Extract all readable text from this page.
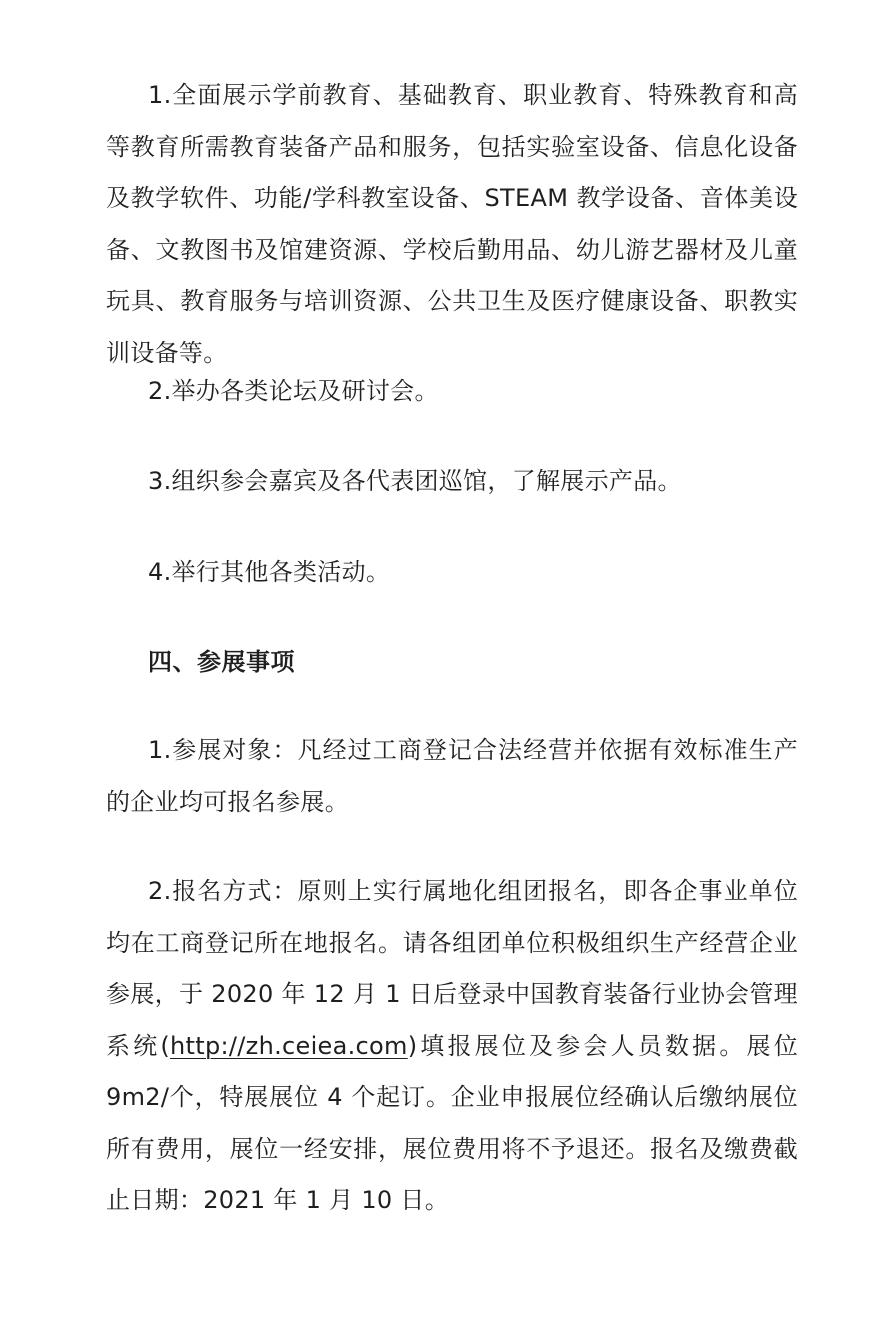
1.全面展示学前教育、基础教育、职业教育、特殊教育和高等教育所需教育装备产品和服务，包括实验室设备、信息化设备及教学软件、功能/学科教室设备、STEAM 教学设备、音体美设备、文教图书及馆建资源、学校后勤用品、幼儿游艺器材及儿童玩具、教育服务与培训资源、公共卫生及医疗健康设备、职教实训设备等。

2.举办各类论坛及研讨会。

3.组织参会嘉宾及各代表团巡馆，了解展示产品。

4.举行其他各类活动。

四、参展事项

1.参展对象：凡经过工商登记合法经营并依据有效标准生产的企业均可报名参展。

2.报名方式：原则上实行属地化组团报名，即各企事业单位均在工商登记所在地报名。请各组团单位积极组织生产经营企业参展，于 2020 年 12 月 1 日后登录中国教育装备行业协会管理系统(http://zh.ceiea.com)填报展位及参会人员数据。展位 9m2/个，特展展位 4 个起订。企业申报展位经确认后缴纳展位所有费用，展位一经安排，展位费用将不予退还。报名及缴费截止日期：2021 年 1 月 10 日。
